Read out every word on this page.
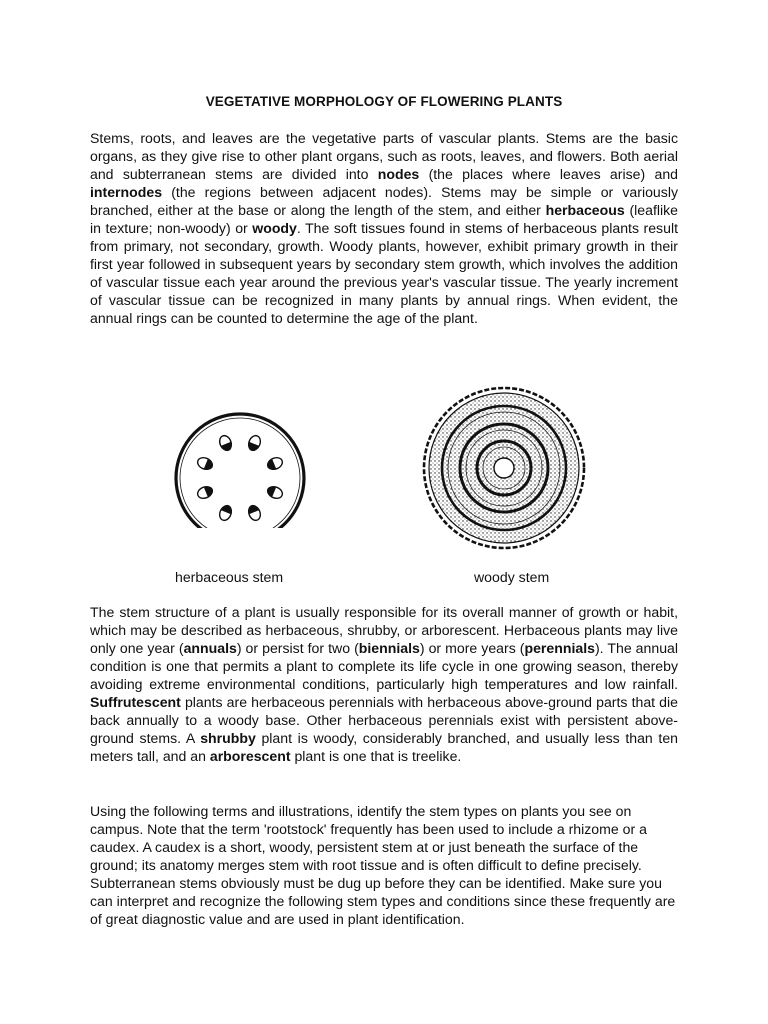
VEGETATIVE MORPHOLOGY OF FLOWERING PLANTS
Stems, roots, and leaves are the vegetative parts of vascular plants. Stems are the basic organs, as they give rise to other plant organs, such as roots, leaves, and flowers. Both aerial and subterranean stems are divided into nodes (the places where leaves arise) and internodes (the regions between adjacent nodes). Stems may be simple or variously branched, either at the base or along the length of the stem, and either herbaceous (leaflike in texture; non-woody) or woody. The soft tissues found in stems of herbaceous plants result from primary, not secondary, growth. Woody plants, however, exhibit primary growth in their first year followed in subsequent years by secondary stem growth, which involves the addition of vascular tissue each year around the previous year's vascular tissue. The yearly increment of vascular tissue can be recognized in many plants by annual rings. When evident, the annual rings can be counted to determine the age of the plant.
herbaceous stem	woody stem
The stem structure of a plant is usually responsible for its overall manner of growth or habit, which may be described as herbaceous, shrubby, or arborescent. Herbaceous plants may live only one year (annuals) or persist for two (biennials) or more years (perennials). The annual condition is one that permits a plant to complete its life cycle in one growing season, thereby avoiding extreme environmental conditions, particularly high temperatures and low rainfall. Suffrutescent plants are herbaceous perennials with herbaceous above-ground parts that die back annually to a woody base. Other herbaceous perennials exist with persistent above-ground stems. A shrubby plant is woody, considerably branched, and usually less than ten meters tall, and an arborescent plant is one that is treelike.
Using the following terms and illustrations, identify the stem types on plants you see on campus. Note that the term 'rootstock' frequently has been used to include a rhizome or a caudex. A caudex is a short, woody, persistent stem at or just beneath the surface of the ground; its anatomy merges stem with root tissue and is often difficult to define precisely. Subterranean stems obviously must be dug up before they can be identified. Make sure you can interpret and recognize the following stem types and conditions since these frequently are of great diagnostic value and are used in plant identification.
